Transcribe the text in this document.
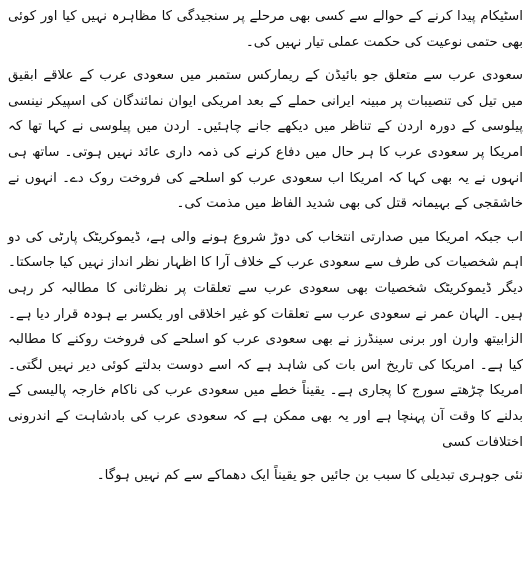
اسٹیکام پیدا کرنے کے حوالے سے کسی بھی مرحلے پر سنجیدگی کا مظاہرہ نہیں کیا اور کوئی بھی حتمی نوعیت کی حکمت عملی تیار نہیں کی۔

سعودی عرب سے متعلق جو بائیڈن کے ریمارکس ستمبر میں سعودی عرب کے علاقے ابقیق میں تیل کی تنصیبات پر مبینہ ایرانی حملے کے بعد امریکی ایوان نمائندگان کی اسپیکر نینسی پیلوسی کے دورہ اردن کے تناظر میں دیکھے جانے چاہئیں۔ اردن میں پیلوسی نے کہا تھا کہ امریکا پر سعودی عرب کا ہر حال میں دفاع کرنے کی ذمہ داری عائد نہیں ہوتی۔ ساتھ ہی انہوں نے یہ بھی کہا کہ امریکا اب سعودی عرب کو اسلحے کی فروخت روک دے۔ انہوں نے خاشقجی کے بہیمانہ قتل کی بھی شدید الفاظ میں مذمت کی۔

اب جبکہ امریکا میں صدارتی انتخاب کی دوڑ شروع ہونے والی ہے، ڈیموکریٹک پارٹی کی دو اہم شخصیات کی طرف سے سعودی عرب کے خلاف آرا کا اظہار نظر انداز نہیں کیا جاسکتا۔ دیگر ڈیموکریٹک شخصیات بھی سعودی عرب سے تعلقات پر نظرثانی کا مطالبہ کر رہی ہیں۔ الہان عمر نے سعودی عرب سے تعلقات کو غیر اخلاقی اور یکسر بے ہودہ قرار دیا ہے۔ الزابیتھ وارن اور برنی سینڈرز نے بھی سعودی عرب کو اسلحے کی فروخت روکنے کا مطالبہ کیا ہے۔ امریکا کی تاریخ اس بات کی شاہد ہے کہ اسے دوست بدلتے کوئی دیر نہیں لگتی۔ امریکا چڑھتے سورج کا پجاری ہے۔ یقیناً خطے میں سعودی عرب کی ناکام خارجہ پالیسی کے بدلنے کا وقت آن پہنچا ہے اور یہ بھی ممکن ہے کہ سعودی عرب کی بادشاہت کے اندرونی اختلافات کسی

نئی جوہری تبدیلی کا سبب بن جائیں جو یقیناً ایک دھماکے سے کم نہیں ہوگا۔
